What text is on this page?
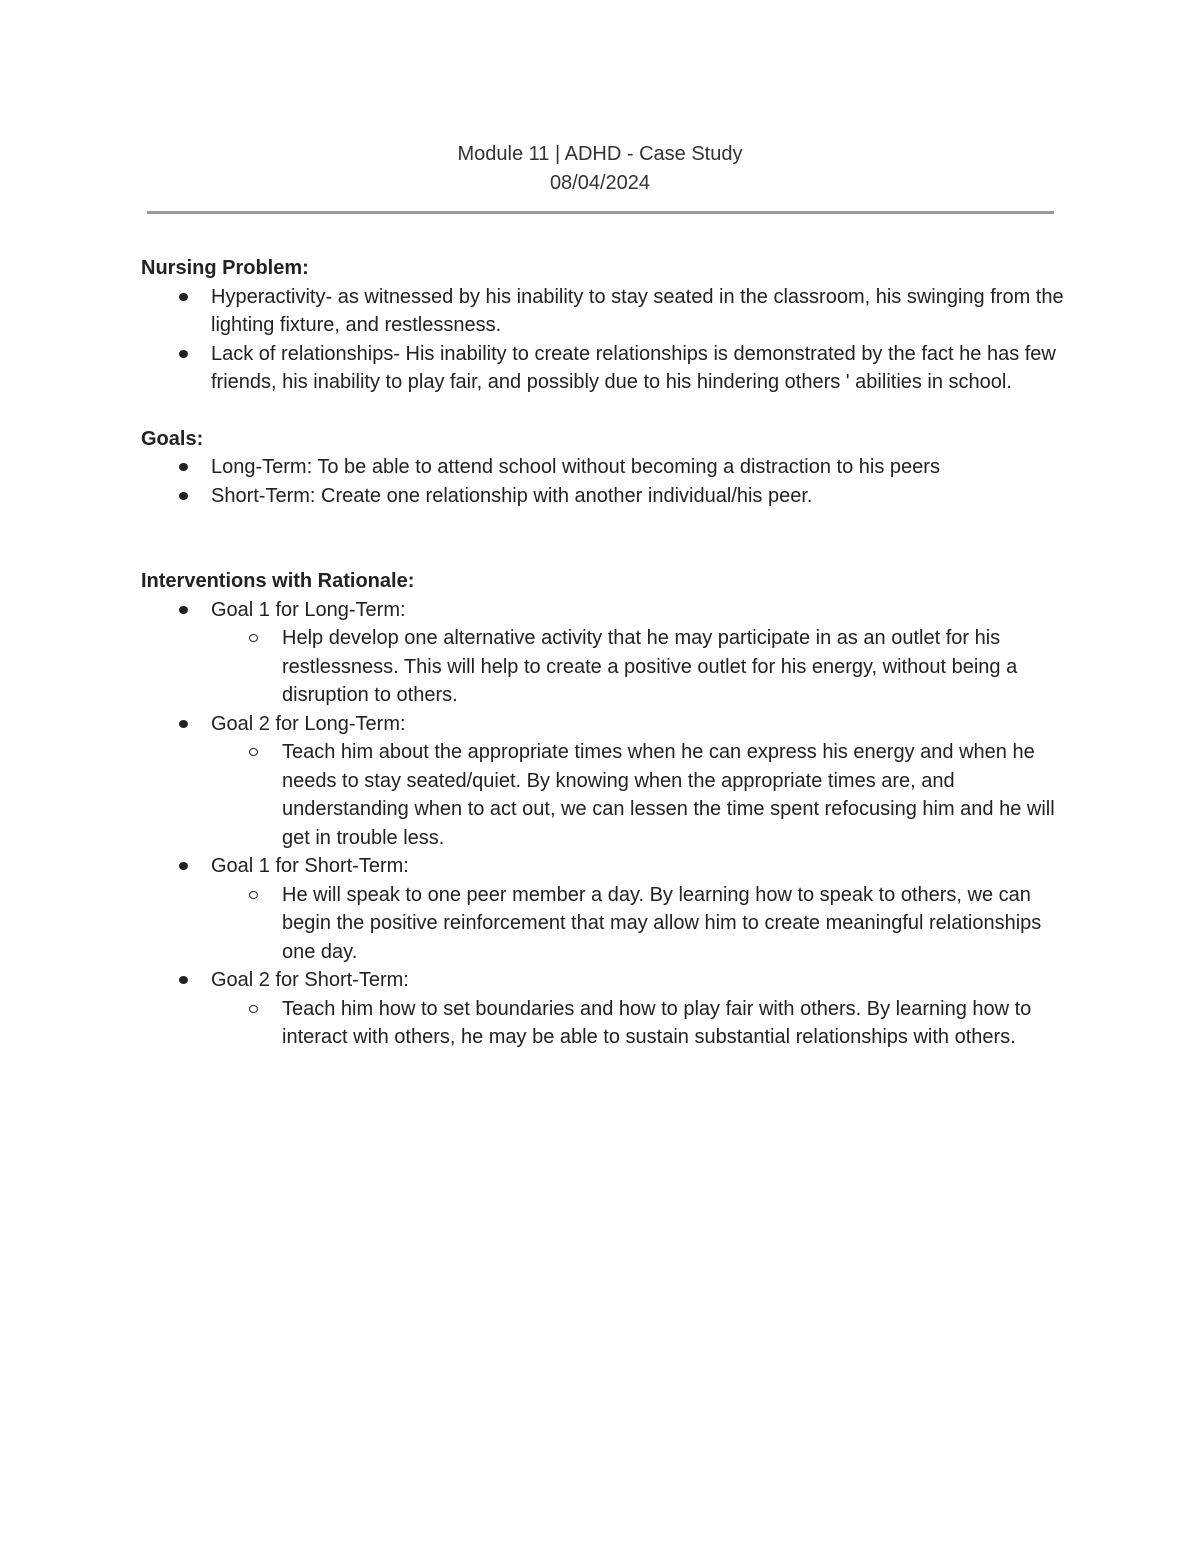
Module 11 | ADHD - Case Study
08/04/2024

Nursing Problem:

Hyperactivity- as witnessed by his inability to stay seated in the classroom, his swinging from the lighting fixture, and restlessness.
Lack of relationships- His inability to create relationships is demonstrated by the fact he has few friends, his inability to play fair, and possibly due to his hindering others ' abilities in school.

Goals:

Long-Term: To be able to attend school without becoming a distraction to his peers
Short-Term: Create one relationship with another individual/his peer.

Interventions with Rationale:

Goal 1 for Long-Term:
Help develop one alternative activity that he may participate in as an outlet for his restlessness. This will help to create a positive outlet for his energy, without being a disruption to others.
Goal 2 for Long-Term:
Teach him about the appropriate times when he can express his energy and when he needs to stay seated/quiet. By knowing when the appropriate times are, and understanding when to act out, we can lessen the time spent refocusing him and he will get in trouble less.
Goal 1 for Short-Term:
He will speak to one peer member a day. By learning how to speak to others, we can begin the positive reinforcement that may allow him to create meaningful relationships one day.
Goal 2 for Short-Term:
Teach him how to set boundaries and how to play fair with others. By learning how to interact with others, he may be able to sustain substantial relationships with others.
